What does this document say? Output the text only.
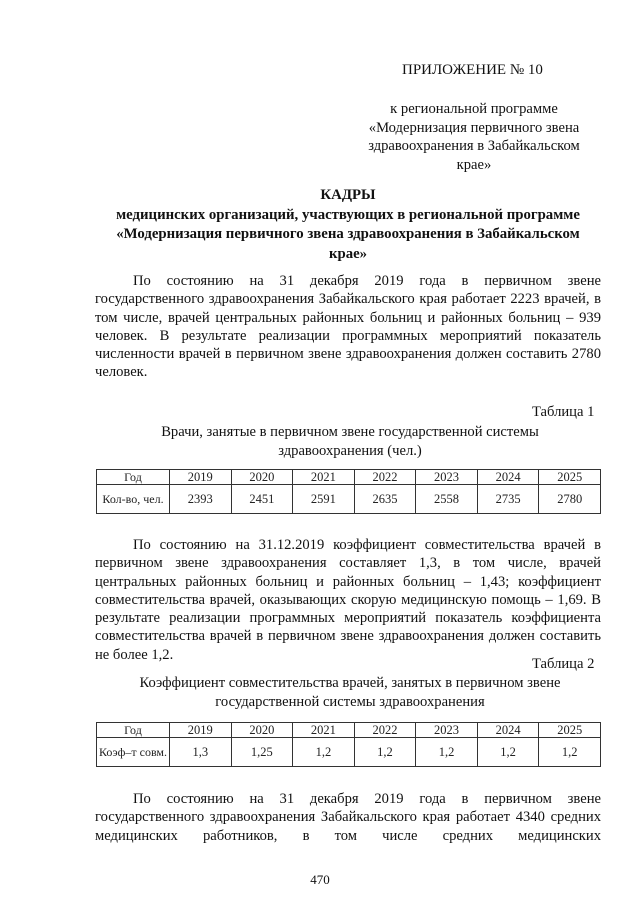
ПРИЛОЖЕНИЕ № 10
к региональной программе
«Модернизация первичного звена
здравоохранения в Забайкальском
крае»
КАДРЫ
медицинских организаций, участвующих в региональной программе
«Модернизация первичного звена здравоохранения в Забайкальском
крае»

По состоянию на 31 декабря 2019 года в первичном звене государственного здравоохранения Забайкальского края работает 2223 врачей, в том числе, врачей центральных районных больниц и районных больниц – 939 человек. В результате реализации программных мероприятий показатель численности врачей в первичном звене здравоохранения должен составить 2780 человек.

Таблица 1
Врачи, занятые в первичном звене государственной системы
здравоохранения (чел.)
Год	2019	2020	2021	2022	2023	2024	2025
Кол-во, чел.	2393	2451	2591	2635	2558	2735	2780

По состоянию на 31.12.2019 коэффициент совместительства врачей в первичном звене здравоохранения составляет 1,3, в том числе, врачей центральных районных больниц и районных больниц – 1,43; коэффициент совместительства врачей, оказывающих скорую медицинскую помощь – 1,69. В результате реализации программных мероприятий показатель коэффициента совместительства врачей в первичном звене здравоохранения должен составить не более 1,2.

Таблица 2
Коэффициент совместительства врачей, занятых в первичном звене
государственной системы здравоохранения
Год	2019	2020	2021	2022	2023	2024	2025
Коэф–т совм.	1,3	1,25	1,2	1,2	1,2	1,2	1,2

По состоянию на 31 декабря 2019 года в первичном звене государственного здравоохранения Забайкальского края работает 4340 средних медицинских работников, в том числе средних медицинских

470
